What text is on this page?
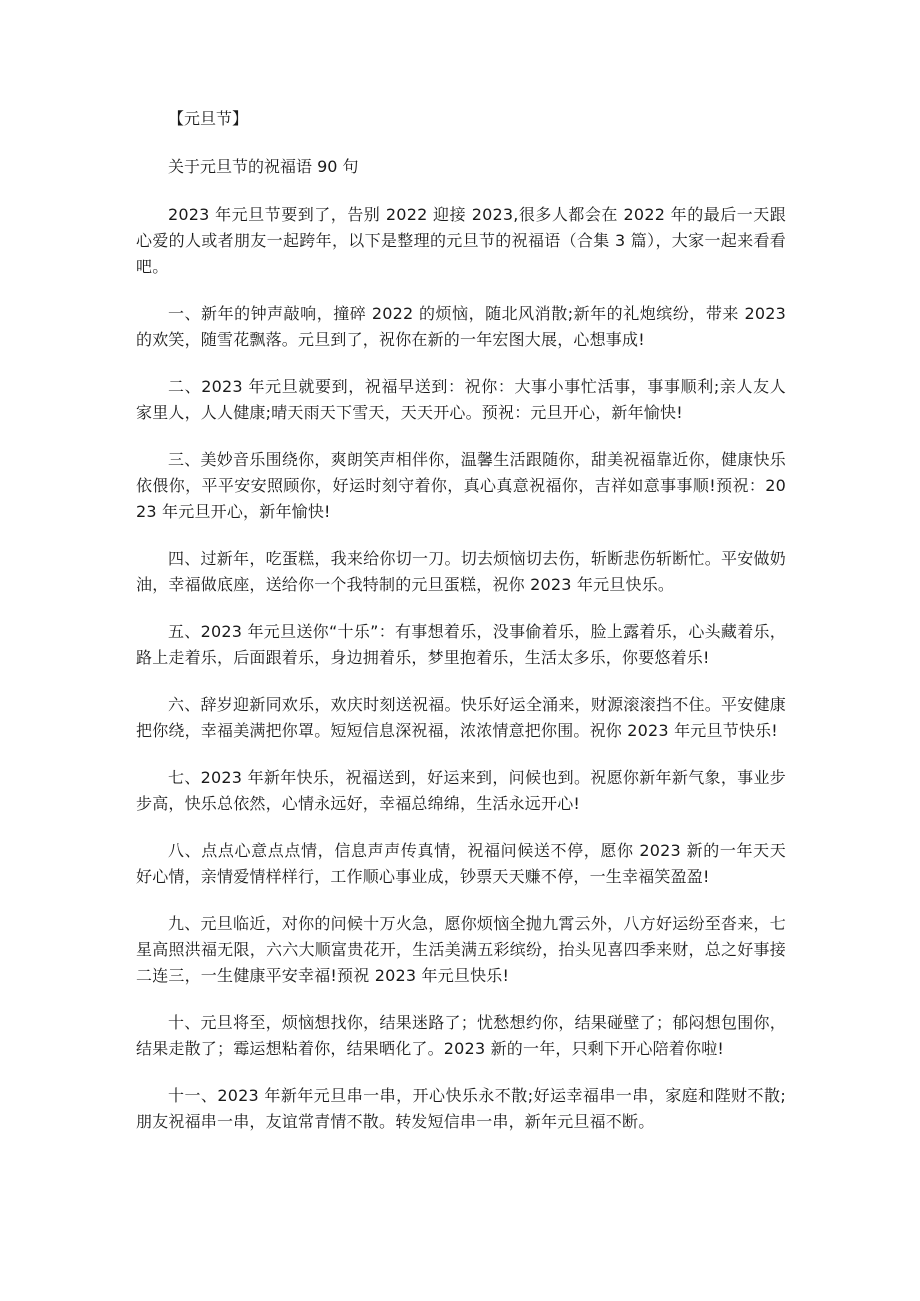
【元旦节】

关于元旦节的祝福语 90 句

2023 年元旦节要到了，告别 2022 迎接 2023,很多人都会在 2022 年的最后一天跟心爱的人或者朋友一起跨年，以下是整理的元旦节的祝福语（合集 3 篇），大家一起来看看吧。

一、新年的钟声敲响，撞碎 2022 的烦恼，随北风消散;新年的礼炮缤纷，带来 2023 的欢笑，随雪花飘落。元旦到了，祝你在新的一年宏图大展，心想事成!

二、2023 年元旦就要到，祝福早送到：祝你：大事小事忙活事，事事顺利;亲人友人家里人，人人健康;晴天雨天下雪天，天天开心。预祝：元旦开心，新年愉快!

三、美妙音乐围绕你，爽朗笑声相伴你，温馨生活跟随你，甜美祝福靠近你，健康快乐依偎你，平平安安照顾你，好运时刻守着你，真心真意祝福你，吉祥如意事事顺!预祝：2023 年元旦开心，新年愉快!

四、过新年，吃蛋糕，我来给你切一刀。切去烦恼切去伤，斩断悲伤斩断忙。平安做奶油，幸福做底座，送给你一个我特制的元旦蛋糕，祝你 2023 年元旦快乐。

五、2023 年元旦送你“十乐”：有事想着乐，没事偷着乐，脸上露着乐，心头藏着乐，路上走着乐，后面跟着乐，身边拥着乐，梦里抱着乐，生活太多乐，你要悠着乐!

六、辞岁迎新同欢乐，欢庆时刻送祝福。快乐好运全涌来，财源滚滚挡不住。平安健康把你绕，幸福美满把你罩。短短信息深祝福，浓浓情意把你围。祝你 2023 年元旦节快乐!

七、2023 年新年快乐，祝福送到，好运来到，问候也到。祝愿你新年新气象，事业步步高，快乐总依然，心情永远好，幸福总绵绵，生活永远开心!

八、点点心意点点情，信息声声传真情，祝福问候送不停，愿你 2023 新的一年天天好心情，亲情爱情样样行，工作顺心事业成，钞票天天赚不停，一生幸福笑盈盈!

九、元旦临近，对你的问候十万火急，愿你烦恼全抛九霄云外，八方好运纷至沓来，七星高照洪福无限，六六大顺富贵花开，生活美满五彩缤纷，抬头见喜四季来财，总之好事接二连三，一生健康平安幸福!预祝 2023 年元旦快乐!

十、元旦将至，烦恼想找你，结果迷路了；忧愁想约你，结果碰壁了；郁闷想包围你，结果走散了；霉运想粘着你，结果晒化了。2023 新的一年，只剩下开心陪着你啦!

十一、2023 年新年元旦串一串，开心快乐永不散;好运幸福串一串，家庭和陛财不散;朋友祝福串一串，友谊常青情不散。转发短信串一串，新年元旦福不断。
